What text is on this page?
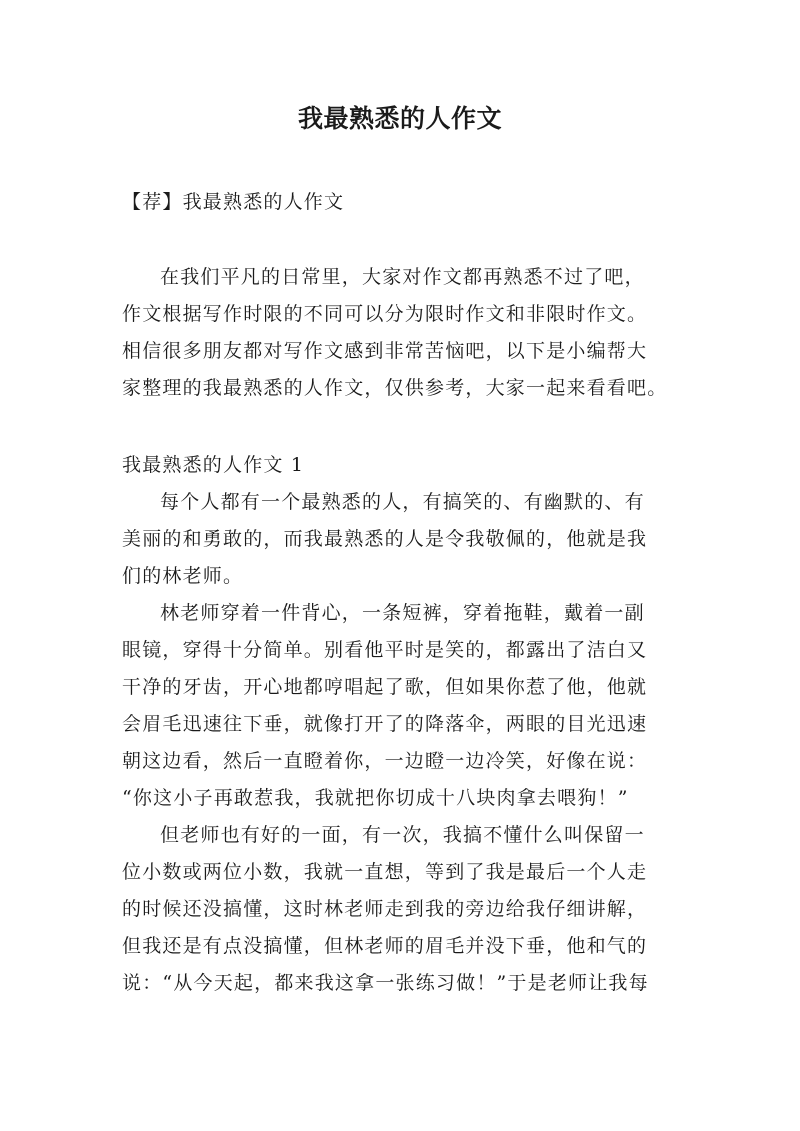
我最熟悉的人作文
【荐】我最熟悉的人作文
在我们平凡的日常里，大家对作文都再熟悉不过了吧，
作文根据写作时限的不同可以分为限时作文和非限时作文。
相信很多朋友都对写作文感到非常苦恼吧，以下是小编帮大
家整理的我最熟悉的人作文，仅供参考，大家一起来看看吧。
我最熟悉的人作文 1
每个人都有一个最熟悉的人，有搞笑的、有幽默的、有
美丽的和勇敢的，而我最熟悉的人是令我敬佩的，他就是我
们的林老师。
林老师穿着一件背心，一条短裤，穿着拖鞋，戴着一副
眼镜，穿得十分简单。别看他平时是笑的，都露出了洁白又
干净的牙齿，开心地都哼唱起了歌，但如果你惹了他，他就
会眉毛迅速往下垂，就像打开了的降落伞，两眼的目光迅速
朝这边看，然后一直瞪着你，一边瞪一边冷笑，好像在说：
“你这小子再敢惹我，我就把你切成十八块肉拿去喂狗！”
但老师也有好的一面，有一次，我搞不懂什么叫保留一
位小数或两位小数，我就一直想，等到了我是最后一个人走
的时候还没搞懂，这时林老师走到我的旁边给我仔细讲解，
但我还是有点没搞懂，但林老师的眉毛并没下垂，他和气的
说：“从今天起，都来我这拿一张练习做！”于是老师让我每
